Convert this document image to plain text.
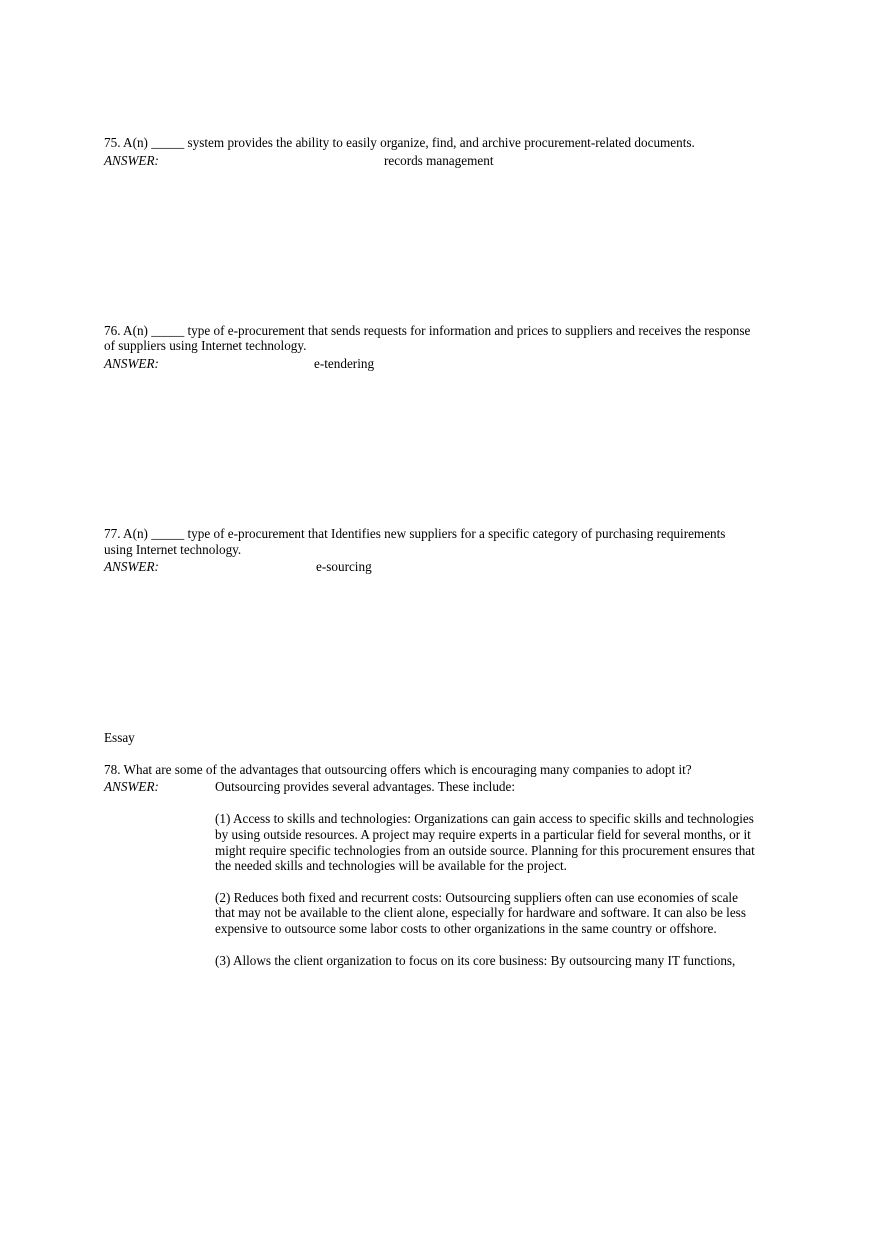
75. A(n) _____ system provides the ability to easily organize, find, and archive procurement-related documents.
ANSWER:	records management
76. A(n) _____ type of e-procurement that sends requests for information and prices to suppliers and receives the response
of suppliers using Internet technology.
ANSWER:	e-tendering
77. A(n) _____ type of e-procurement that Identifies new suppliers for a specific category of purchasing requirements
using Internet technology.
ANSWER:	e-sourcing
Essay
78. What are some of the advantages that outsourcing offers which is encouraging many companies to adopt it?
ANSWER:	Outsourcing provides several advantages. These include:
(1) Access to skills and technologies: Organizations can gain access to specific skills and technologies
by using outside resources. A project may require experts in a particular field for several months, or it
might require specific technologies from an outside source. Planning for this procurement ensures that
the needed skills and technologies will be available for the project.
(2) Reduces both fixed and recurrent costs: Outsourcing suppliers often can use economies of scale
that may not be available to the client alone, especially for hardware and software. It can also be less
expensive to outsource some labor costs to other organizations in the same country or offshore.
(3) Allows the client organization to focus on its core business: By outsourcing many IT functions,
